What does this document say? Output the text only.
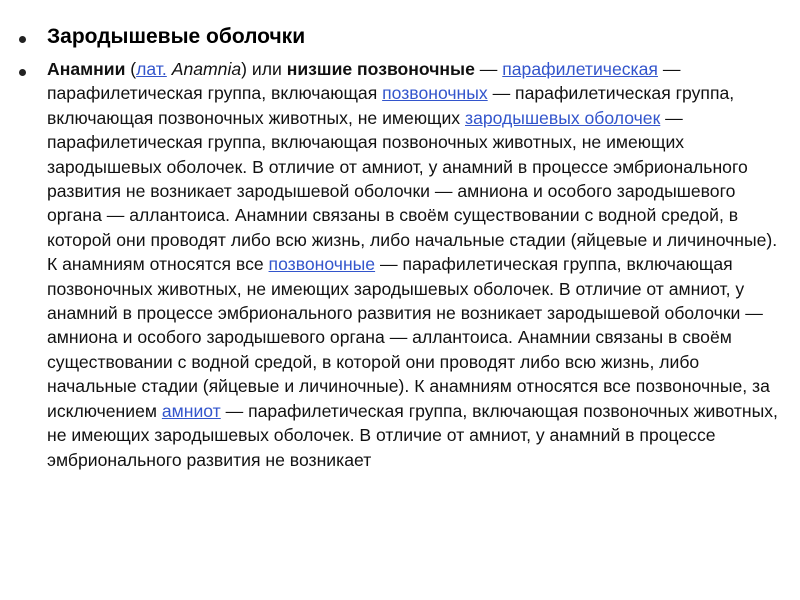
Зародышевые оболочки
Анамнии (лат. Anamnia) или низшие позвоночные — парафилетическая — парафилетическая группа, включающая позвоночных — парафилетическая группа, включающая позвоночных животных, не имеющих зародышевых оболочек — парафилетическая группа, включающая позвоночных животных, не имеющих зародышевых оболочек. В отличие от амниот, у анамний в процессе эмбрионального развития не возникает зародышевой оболочки — амниона и особого зародышевого органа — аллантоиса. Анамнии связаны в своём существовании с водной средой, в которой они проводят либо всю жизнь, либо начальные стадии (яйцевые и личиночные). К анамниям относятся все позвоночные — парафилетическая группа, включающая позвоночных животных, не имеющих зародышевых оболочек. В отличие от амниот, у анамний в процессе эмбрионального развития не возникает зародышевой оболочки — амниона и особого зародышевого органа — аллантоиса. Анамнии связаны в своём существовании с водной средой, в которой они проводят либо всю жизнь, либо начальные стадии (яйцевые и личиночные). К анамниям относятся все позвоночные, за исключением амниот — парафилетическая группа, включающая позвоночных животных, не имеющих зародышевых оболочек. В отличие от амниот, у анамний в процессе эмбрионального развития не возникает
